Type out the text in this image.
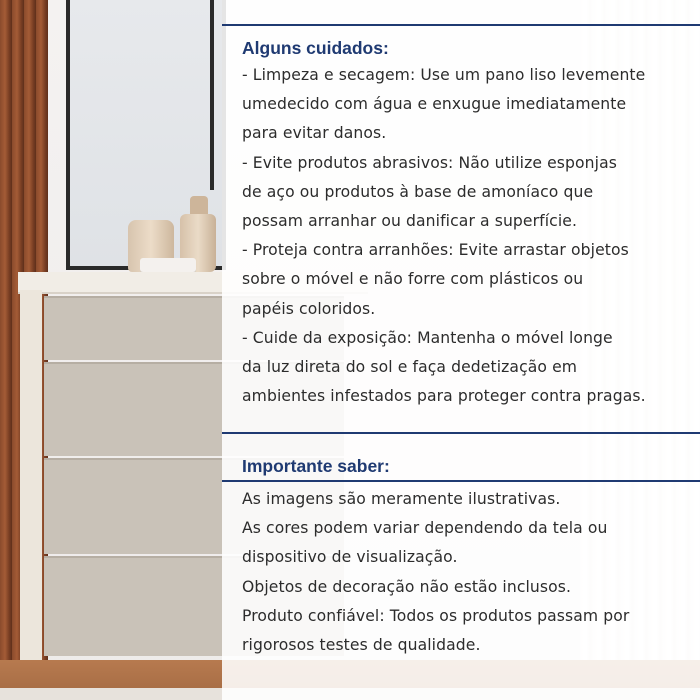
Alguns cuidados:

- Limpeza e secagem: Use um pano liso levemente

umedecido com água e enxugue imediatamente

para evitar danos.

- Evite produtos abrasivos: Não utilize esponjas

de aço ou produtos à base de amoníaco que

possam arranhar ou danificar a superfície.

- Proteja contra arranhões: Evite arrastar objetos

sobre o móvel e não forre com plásticos ou

papéis coloridos.

- Cuide da exposição: Mantenha o móvel longe

da luz direta do sol e faça dedetização em

ambientes infestados para proteger contra pragas.

Importante saber:

As imagens são meramente ilustrativas.

As cores podem variar dependendo da tela ou

dispositivo de visualização.

Objetos de decoração não estão inclusos.

Produto confiável: Todos os produtos passam por

rigorosos testes de qualidade.
